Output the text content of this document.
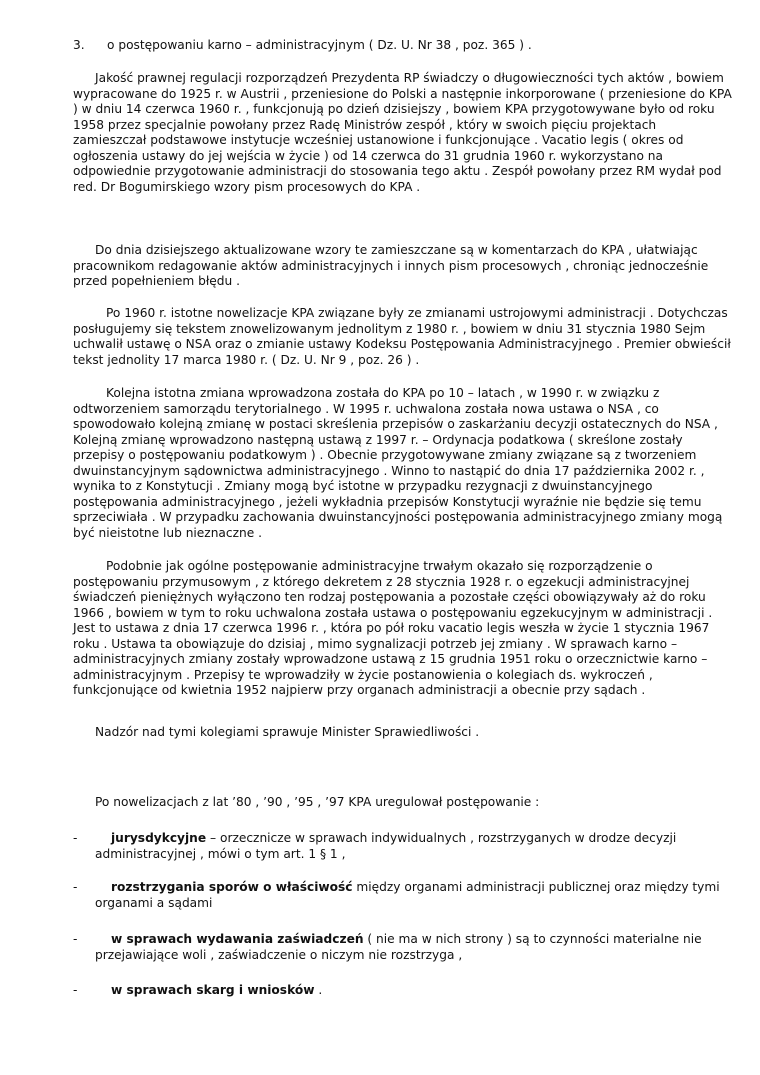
3. o postępowaniu karno – administracyjnym ( Dz. U. Nr 38 , poz. 365 ) .

Jakość prawnej regulacji rozporządzeń Prezydenta RP świadczy o długowieczności tych aktów , bowiem wypracowane do 1925 r. w Austrii , przeniesione do Polski a następnie inkorporowane ( przeniesione do KPA ) w dniu 14 czerwca 1960 r. , funkcjonują po dzień dzisiejszy , bowiem KPA przygotowywane było od roku 1958 przez specjalnie powołany przez Radę Ministrów zespół , który w swoich pięciu projektach zamieszczał podstawowe instytucje wcześniej ustanowione i funkcjonujące . Vacatio legis ( okres od ogłoszenia ustawy do jej wejścia w życie ) od 14 czerwca do 31 grudnia 1960 r. wykorzystano na odpowiednie przygotowanie administracji do stosowania tego aktu . Zespół powołany przez RM wydał pod red. Dr Bogumirskiego wzory pism procesowych do KPA .

Do dnia dzisiejszego aktualizowane wzory te zamieszczane są w komentarzach do KPA , ułatwiając pracownikom redagowanie aktów administracyjnych i innych pism procesowych , chroniąc jednocześnie przed popełnieniem błędu .

Po 1960 r. istotne nowelizacje KPA związane były ze zmianami ustrojowymi administracji . Dotychczas posługujemy się tekstem znowelizowanym jednolitym z 1980 r. , bowiem w dniu 31 stycznia 1980 Sejm uchwalił ustawę o NSA oraz o zmianie ustawy Kodeksu Postępowania Administracyjnego . Premier obwieścił tekst jednolity 17 marca 1980 r. ( Dz. U. Nr 9 , poz. 26 ) .

Kolejna istotna zmiana wprowadzona została do KPA po 10 – latach , w 1990 r. w związku z odtworzeniem samorządu terytorialnego . W 1995 r. uchwalona została nowa ustawa o NSA , co spowodowało kolejną zmianę w postaci skreślenia przepisów o zaskarżaniu decyzji ostatecznych do NSA , Kolejną zmianę wprowadzono następną ustawą z 1997 r. – Ordynacja podatkowa ( skreślone zostały przepisy o postępowaniu podatkowym ) . Obecnie przygotowywane zmiany związane są z tworzeniem dwuinstancyjnym sądownictwa administracyjnego . Winno to nastąpić do dnia 17 października 2002 r. , wynika to z Konstytucji . Zmiany mogą być istotne w przypadku rezygnacji z dwuinstancyjnego postępowania administracyjnego , jeżeli wykładnia przepisów Konstytucji wyraźnie nie będzie się temu sprzeciwiała . W przypadku zachowania dwuinstancyjności postępowania administracyjnego zmiany mogą być nieistotne lub nieznaczne .

Podobnie jak ogólne postępowanie administracyjne trwałym okazało się rozporządzenie o postępowaniu przymusowym , z którego dekretem z 28 stycznia 1928 r. o egzekucji administracyjnej świadczeń pieniężnych wyłączono ten rodzaj postępowania a pozostałe części obowiązywały aż do roku 1966 , bowiem w tym to roku uchwalona została ustawa o postępowaniu egzekucyjnym w administracji . Jest to ustawa z dnia 17 czerwca 1996 r. , która po pół roku vacatio legis weszła w życie 1 stycznia 1967 roku . Ustawa ta obowiązuje do dzisiaj , mimo sygnalizacji potrzeb jej zmiany . W sprawach karno – administracyjnych zmiany zostały wprowadzone ustawą z 15 grudnia 1951 roku o orzecznictwie karno – administracyjnym . Przepisy te wprowadziły w życie postanowienia o kolegiach ds. wykroczeń , funkcjonujące od kwietnia 1952 najpierw przy organach administracji a obecnie przy sądach .

Nadzór nad tymi kolegiami sprawuje Minister Sprawiedliwości .

Po nowelizacjach z lat ’80 , ’90 , ’95 , ’97 KPA uregulował postępowanie :

-	jurysdykcyjne – orzecznicze w sprawach indywidualnych , rozstrzyganych w drodze decyzji administracyjnej , mówi o tym art. 1 § 1 ,
-	rozstrzygania sporów o właściwość między organami administracji publicznej oraz między tymi organami a sądami
-	w sprawach wydawania zaświadczeń ( nie ma w nich strony ) są to czynności materialne nie przejawiające woli , zaświadczenie o niczym nie rozstrzyga ,
-	w sprawach skarg i wniosków .
